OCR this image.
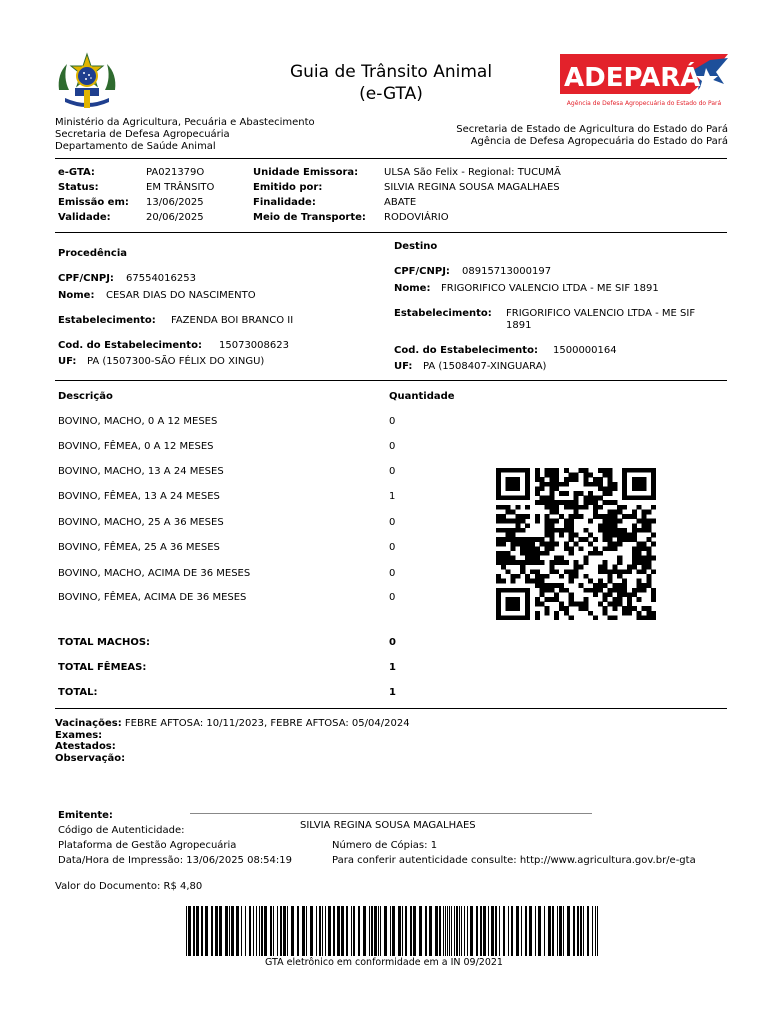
Guia de Trânsito Animal
(e-GTA)
ADEPARÁ
Agência de Defesa Agropecuária do Estado do Pará
Ministério da Agricultura, Pecuária e Abastecimento
Secretaria de Defesa Agropecuária
Departamento de Saúde Animal
Secretaria de Estado de Agricultura do Estado do Pará
Agência de Defesa Agropecuária do Estado do Pará
e-GTA:	PA021379O
Status:	EM TRÂNSITO
Emissão em: 13/06/2025
Validade:	20/06/2025
Unidade Emissora:	ULSA São Felix - Regional: TUCUMÃ
Emitido por:	SILVIA REGINA SOUSA MAGALHAES
Finalidade:	ABATE
Meio de Transporte: RODOVIÁRIO
Procedência
CPF/CNPJ: 67554016253
Nome: CESAR DIAS DO NASCIMENTO
Estabelecimento: FAZENDA BOI BRANCO II
Cod. do Estabelecimento: 15073008623
UF: PA (1507300-SÃO FÉLIX DO XINGU)
Destino
CPF/CNPJ: 08915713000197
Nome: FRIGORIFICO VALENCIO LTDA - ME SIF 1891
Estabelecimento: FRIGORIFICO VALENCIO LTDA - ME SIF
1891
Cod. do Estabelecimento: 1500000164
UF: PA (1508407-XINGUARA)
Descrição	Quantidade
BOVINO, MACHO, 0 A 12 MESES	0
BOVINO, FÊMEA, 0 A 12 MESES	0
BOVINO, MACHO, 13 A 24 MESES	0
BOVINO, FÊMEA, 13 A 24 MESES	1
BOVINO, MACHO, 25 A 36 MESES	0
BOVINO, FÊMEA, 25 A 36 MESES	0
BOVINO, MACHO, ACIMA DE 36 MESES	0
BOVINO, FÊMEA, ACIMA DE 36 MESES	0
TOTAL MACHOS:	0
TOTAL FÊMEAS:	1
TOTAL:	1
Vacinações: FEBRE AFTOSA: 10/11/2023, FEBRE AFTOSA: 05/04/2024
Exames:
Atestados:
Observação:
Emitente:
SILVIA REGINA SOUSA MAGALHAES
Código de Autenticidade:
Plataforma de Gestão Agropecuária	Número de Cópias: 1
Data/Hora de Impressão: 13/06/2025 08:54:19	Para conferir autenticidade consulte: http://www.agricultura.gov.br/e-gta
Valor do Documento: R$ 4,80
GTA eletrônico em conformidade em a IN 09/2021
